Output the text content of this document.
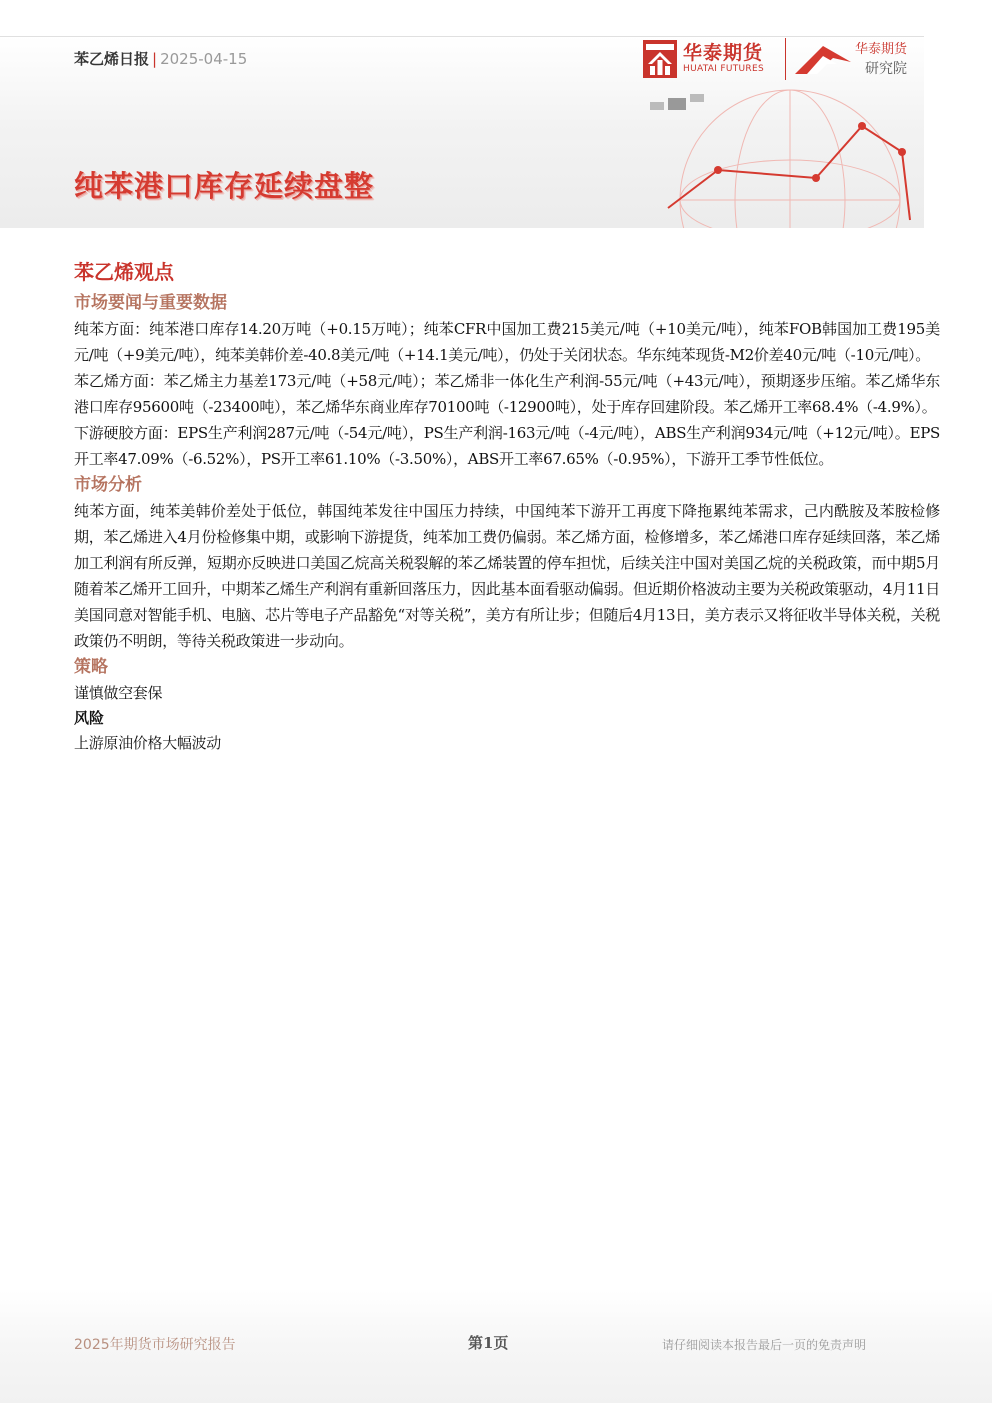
苯乙烯日报 | 2025-04-15	华泰期货
HUATAI FUTURES
华泰期货
研究院
纯苯港口库存延续盘整
苯乙烯观点
市场要闻与重要数据

纯苯方面：纯苯港口库存14.20万吨（+0.15万吨）；纯苯CFR中国加工费215美元/吨（+10美元/吨），纯苯FOB韩国加工费195美元/吨（+9美元/吨），纯苯美韩价差-40.8美元/吨（+14.1美元/吨），仍处于关闭状态。华东纯苯现货-M2价差40元/吨（-10元/吨）。

苯乙烯方面：苯乙烯主力基差173元/吨（+58元/吨）；苯乙烯非一体化生产利润-55元/吨（+43元/吨），预期逐步压缩。苯乙烯华东港口库存95600吨（-23400吨），苯乙烯华东商业库存70100吨（-12900吨），处于库存回建阶段。苯乙烯开工率68.4%（-4.9%）。

下游硬胶方面：EPS生产利润287元/吨（-54元/吨），PS生产利润-163元/吨（-4元/吨），ABS生产利润934元/吨（+12元/吨）。EPS开工率47.09%（-6.52%），PS开工率61.10%（-3.50%），ABS开工率67.65%（-0.95%），下游开工季节性低位。

市场分析

纯苯方面，纯苯美韩价差处于低位，韩国纯苯发往中国压力持续，中国纯苯下游开工再度下降拖累纯苯需求，己内酰胺及苯胺检修期，苯乙烯进入4月份检修集中期，或影响下游提货，纯苯加工费仍偏弱。苯乙烯方面，检修增多，苯乙烯港口库存延续回落，苯乙烯加工利润有所反弹，短期亦反映进口美国乙烷高关税裂解的苯乙烯装置的停车担忧，后续关注中国对美国乙烷的关税政策，而中期5月随着苯乙烯开工回升，中期苯乙烯生产利润有重新回落压力，因此基本面看驱动偏弱。但近期价格波动主要为关税政策驱动，4月11日美国同意对智能手机、电脑、芯片等电子产品豁免“对等关税”，美方有所让步；但随后4月13日，美方表示又将征收半导体关税，关税政策仍不明朗，等待关税政策进一步动向。

策略

谨慎做空套保

风险

上游原油价格大幅波动

2025年期货市场研究报告	第1页	请仔细阅读本报告最后一页的免责声明
